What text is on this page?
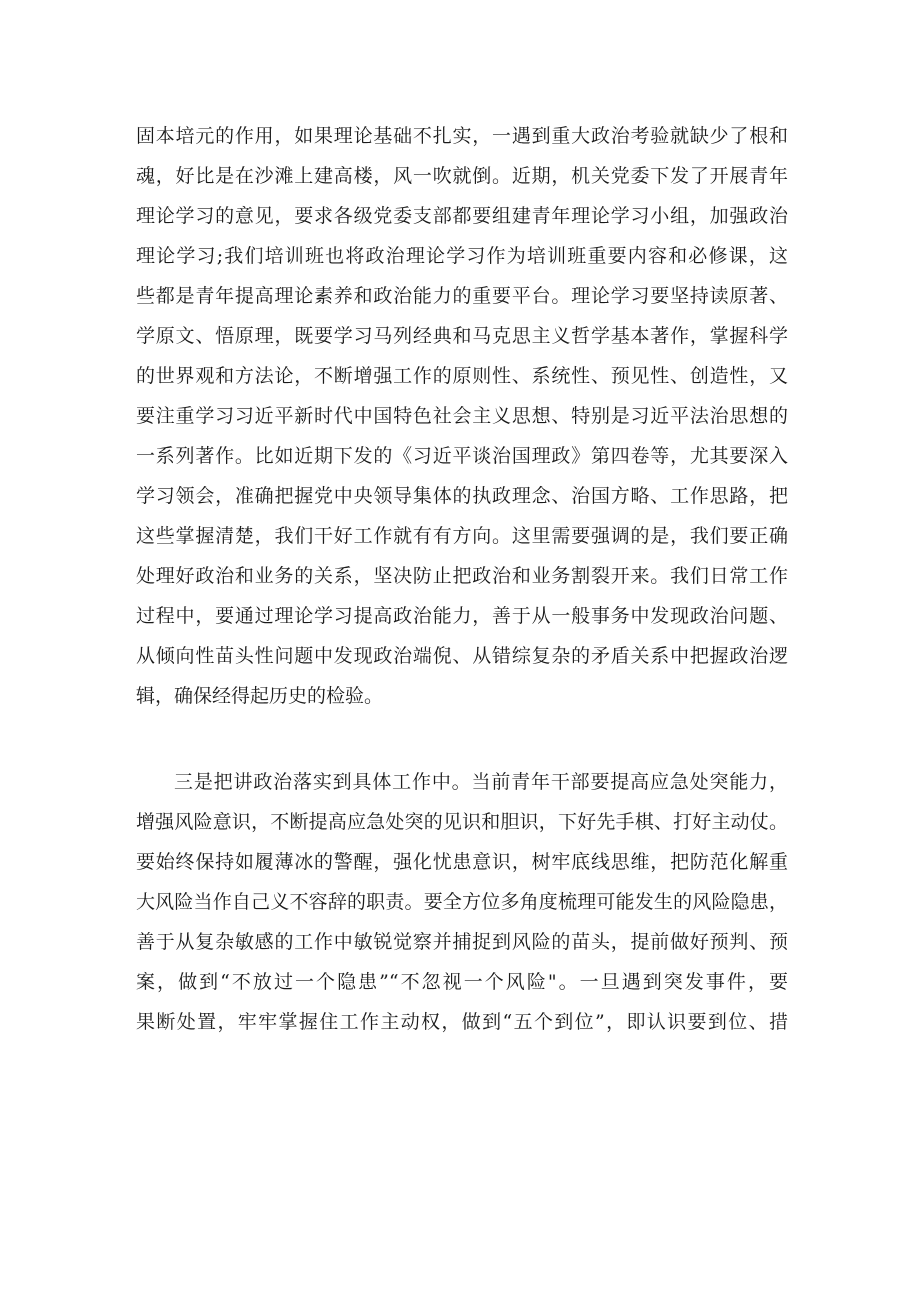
固本培元的作用，如果理论基础不扎实，一遇到重大政治考验就缺少了根和
魂，好比是在沙滩上建高楼，风一吹就倒。近期，机关党委下发了开展青年
理论学习的意见，要求各级党委支部都要组建青年理论学习小组，加强政治
理论学习;我们培训班也将政治理论学习作为培训班重要内容和必修课，这
些都是青年提高理论素养和政治能力的重要平台。理论学习要坚持读原著、
学原文、悟原理，既要学习马列经典和马克思主义哲学基本著作，掌握科学
的世界观和方法论，不断增强工作的原则性、系统性、预见性、创造性，又
要注重学习习近平新时代中国特色社会主义思想、特别是习近平法治思想的
一系列著作。比如近期下发的《习近平谈治国理政》第四卷等，尤其要深入
学习领会，准确把握党中央领导集体的执政理念、治国方略、工作思路，把
这些掌握清楚，我们干好工作就有有方向。这里需要强调的是，我们要正确
处理好政治和业务的关系，坚决防止把政治和业务割裂开来。我们日常工作
过程中，要通过理论学习提高政治能力，善于从一般事务中发现政治问题、
从倾向性苗头性问题中发现政治端倪、从错综复杂的矛盾关系中把握政治逻
辑，确保经得起历史的检验。
三是把讲政治落实到具体工作中。当前青年干部要提高应急处突能力，
增强风险意识，不断提高应急处突的见识和胆识，下好先手棋、打好主动仗。
要始终保持如履薄冰的警醒，强化忧患意识，树牢底线思维，把防范化解重
大风险当作自己义不容辞的职责。要全方位多角度梳理可能发生的风险隐患，
善于从复杂敏感的工作中敏锐觉察并捕捉到风险的苗头，提前做好预判、预
案，做到“不放过一个隐患”“不忽视一个风险"。一旦遇到突发事件，要
果断处置，牢牢掌握住工作主动权，做到“五个到位”，即认识要到位、措
